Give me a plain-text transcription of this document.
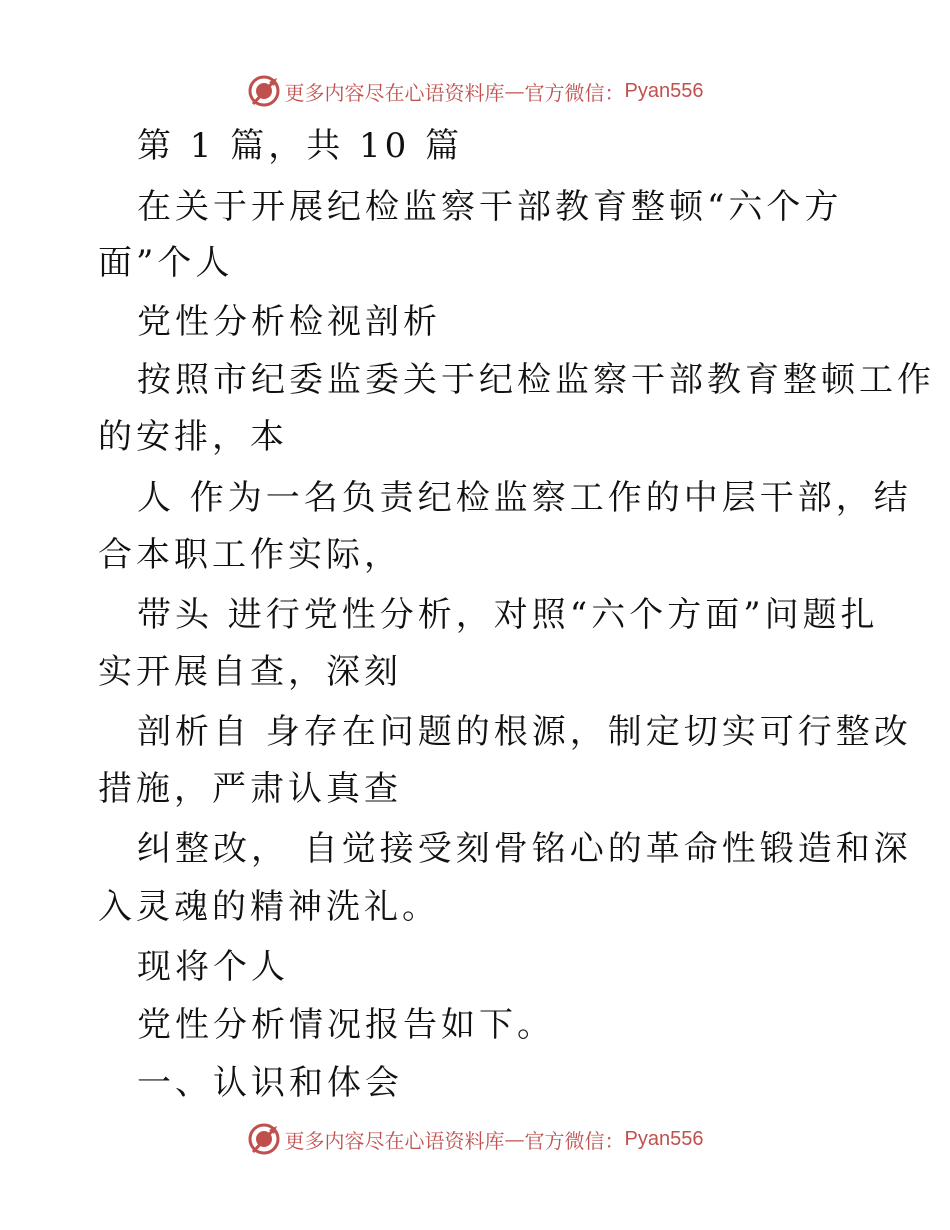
更多内容尽在心语资料库 — 官方微信： Pyan556
第 1 篇，共 10 篇
在关于开展纪检监察干部教育整顿“六个方
面”个人
党性分析检视剖析
按照市纪委监委关于纪检监察干部教育整顿工作
的安排，本
人 作为一名负责纪检监察工作的中层干部，结
合本职工作实际，
带头 进行党性分析，对照“六个方面”问题扎
实开展自查，深刻
剖析自 身存在问题的根源，制定切实可行整改
措施，严肃认真查
纠整改， 自觉接受刻骨铭心的革命性锻造和深
入灵魂的精神洗礼。
现将个人
党性分析情况报告如下。
一、认识和体会
更多内容尽在心语资料库 — 官方微信： Pyan556
